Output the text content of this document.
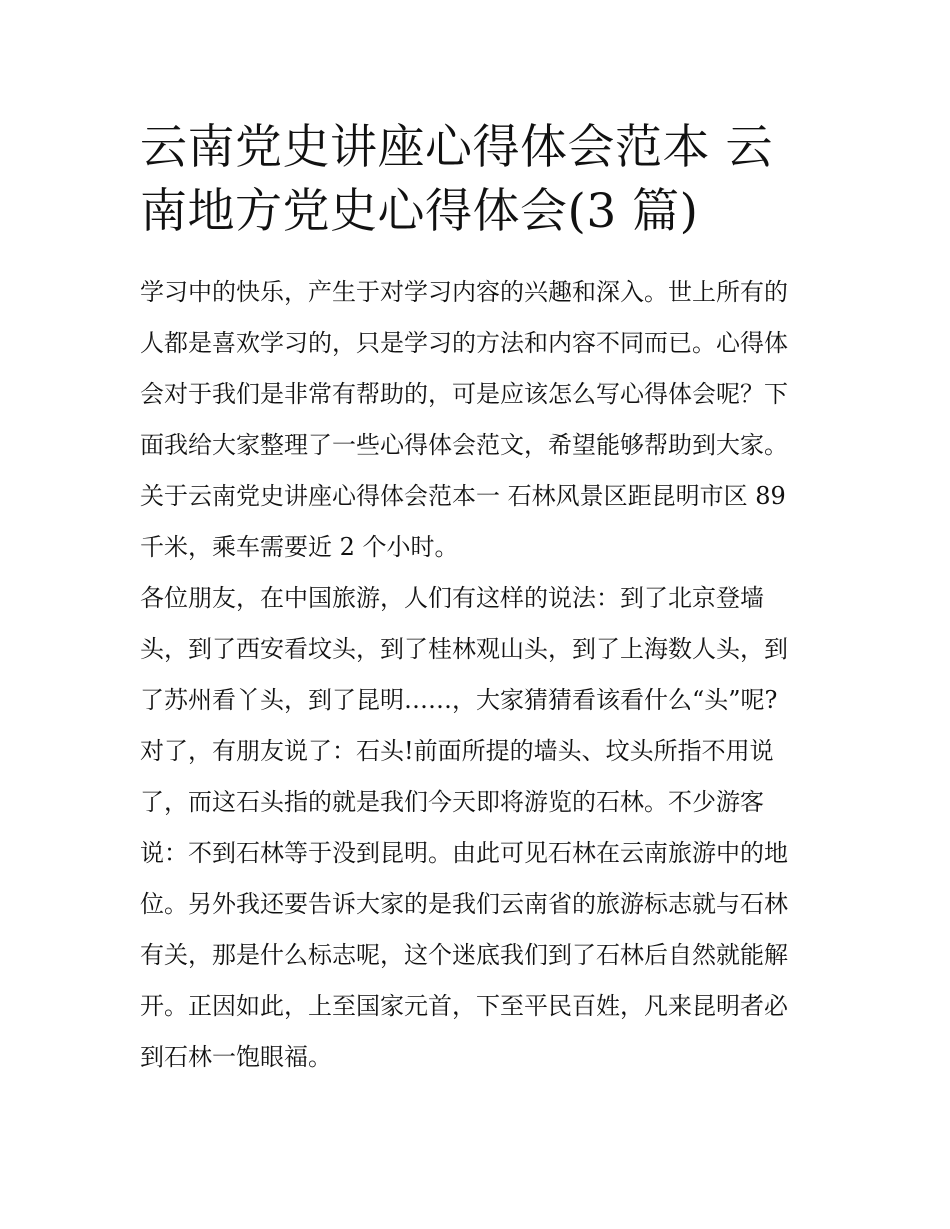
云南党史讲座心得体会范本 云
南地方党史心得体会(3 篇)
学习中的快乐，产生于对学习内容的兴趣和深入。世上所有的
人都是喜欢学习的，只是学习的方法和内容不同而已。心得体
会对于我们是非常有帮助的，可是应该怎么写心得体会呢？下
面我给大家整理了一些心得体会范文，希望能够帮助到大家。
关于云南党史讲座心得体会范本一 石林风景区距昆明市区 89
千米，乘车需要近 2 个小时。
各位朋友，在中国旅游，人们有这样的说法：到了北京登墙
头，到了西安看坟头，到了桂林观山头，到了上海数人头，到
了苏州看丫头，到了昆明……，大家猜猜看该看什么“头”呢?
对了，有朋友说了：石头!前面所提的墙头、坟头所指不用说
了，而这石头指的就是我们今天即将游览的石林。不少游客
说：不到石林等于没到昆明。由此可见石林在云南旅游中的地
位。另外我还要告诉大家的是我们云南省的旅游标志就与石林
有关，那是什么标志呢，这个迷底我们到了石林后自然就能解
开。正因如此，上至国家元首，下至平民百姓，凡来昆明者必
到石林一饱眼福。
